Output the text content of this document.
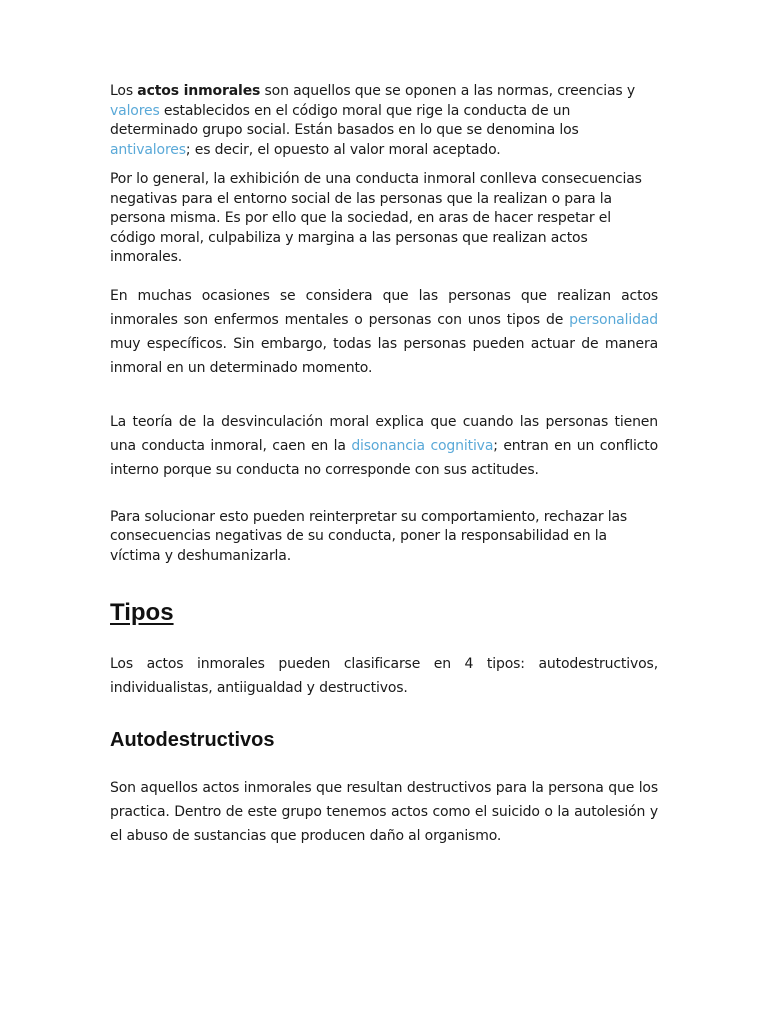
Los actos inmorales son aquellos que se oponen a las normas, creencias y valores establecidos en el código moral que rige la conducta de un determinado grupo social. Están basados en lo que se denomina los antivalores; es decir, el opuesto al valor moral aceptado.

Por lo general, la exhibición de una conducta inmoral conlleva consecuencias negativas para el entorno social de las personas que la realizan o para la persona misma. Es por ello que la sociedad, en aras de hacer respetar el código moral, culpabiliza y margina a las personas que realizan actos inmorales.

En muchas ocasiones se considera que las personas que realizan actos inmorales son enfermos mentales o personas con unos tipos de personalidad muy específicos. Sin embargo, todas las personas pueden actuar de manera inmoral en un determinado momento.

La teoría de la desvinculación moral explica que cuando las personas tienen una conducta inmoral, caen en la disonancia cognitiva; entran en un conflicto interno porque su conducta no corresponde con sus actitudes.

Para solucionar esto pueden reinterpretar su comportamiento, rechazar las consecuencias negativas de su conducta, poner la responsabilidad en la víctima y deshumanizarla.

Tipos

Los actos inmorales pueden clasificarse en 4 tipos: autodestructivos, individualistas, antiigualdad y destructivos.

Autodestructivos

Son aquellos actos inmorales que resultan destructivos para la persona que los practica. Dentro de este grupo tenemos actos como el suicido o la autolesión y el abuso de sustancias que producen daño al organismo.
